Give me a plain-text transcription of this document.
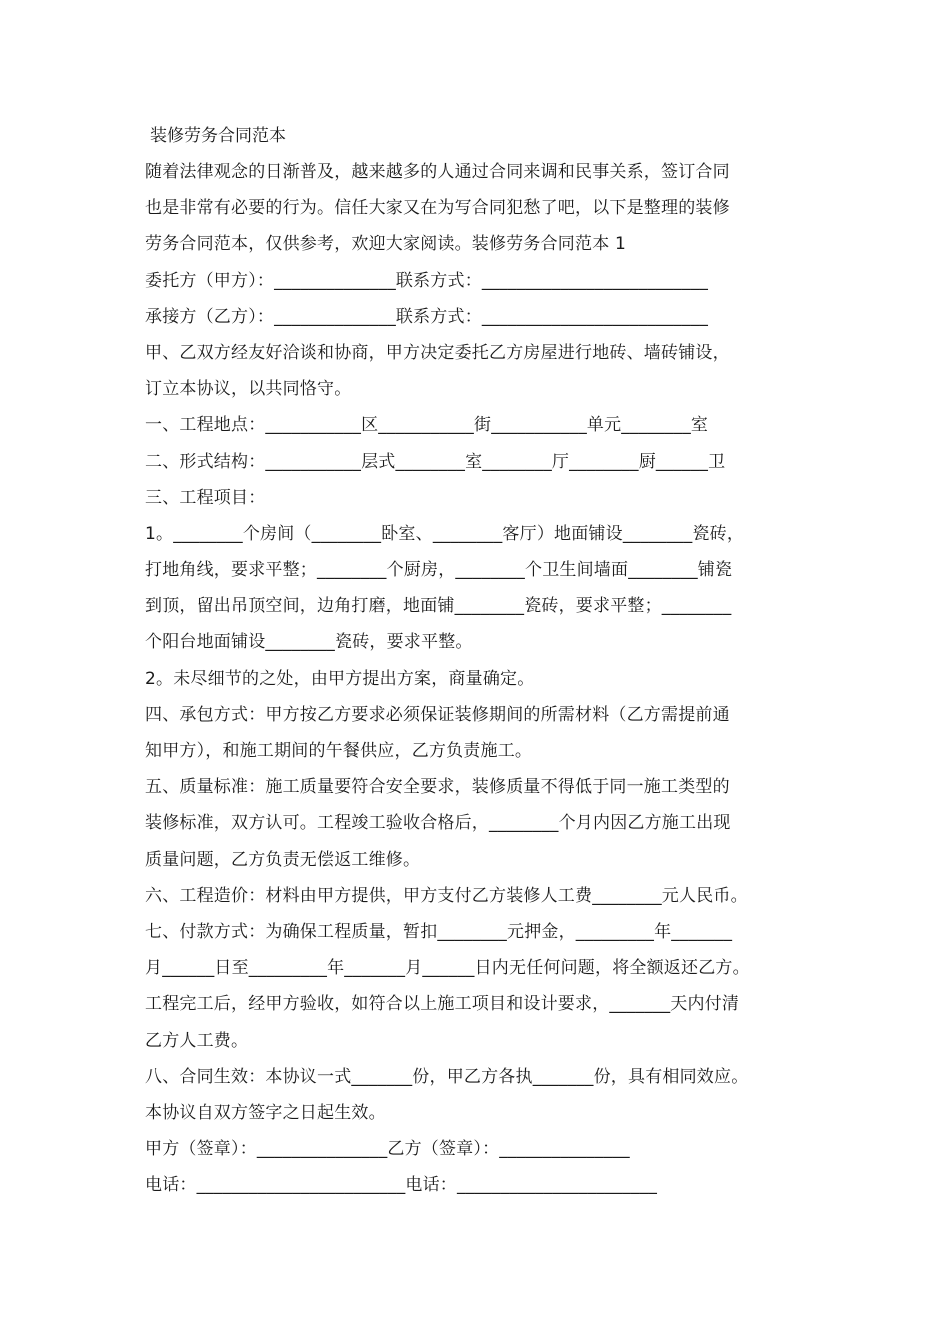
装修劳务合同范本
随着法律观念的日渐普及，越来越多的人通过合同来调和民事关系，签订合同
也是非常有必要的行为。信任大家又在为写合同犯愁了吧，以下是整理的装修
劳务合同范本，仅供参考，欢迎大家阅读。装修劳务合同范本 1
委托方（甲方）：______________联系方式：__________________________
承接方（乙方）：______________联系方式：__________________________
甲、乙双方经友好洽谈和协商，甲方决定委托乙方房屋进行地砖、墙砖铺设，
订立本协议，以共同恪守。
一、工程地点：___________区___________街___________单元________室
二、形式结构：___________层式________室________厅________厨______卫
三、工程项目：
1。________个房间（________卧室、________客厅）地面铺设________瓷砖，
打地角线，要求平整；________个厨房，________个卫生间墙面________铺瓷
到顶，留出吊顶空间，边角打磨，地面铺________瓷砖，要求平整；________
个阳台地面铺设________瓷砖，要求平整。
2。未尽细节的之处，由甲方提出方案，商量确定。
四、承包方式：甲方按乙方要求必须保证装修期间的所需材料（乙方需提前通
知甲方），和施工期间的午餐供应，乙方负责施工。
五、质量标准：施工质量要符合安全要求，装修质量不得低于同一施工类型的
装修标准，双方认可。工程竣工验收合格后，________个月内因乙方施工出现
质量问题，乙方负责无偿返工维修。
六、工程造价：材料由甲方提供，甲方支付乙方装修人工费________元人民币。
七、付款方式：为确保工程质量，暂扣________元押金，_________年_______
月______日至_________年_______月______日内无任何问题，将全额返还乙方。
工程完工后，经甲方验收，如符合以上施工项目和设计要求，_______天内付清
乙方人工费。
八、合同生效：本协议一式_______份，甲乙方各执_______份，具有相同效应。
本协议自双方签字之日起生效。
甲方（签章）：_______________乙方（签章）：_______________
电话：________________________电话：_______________________
